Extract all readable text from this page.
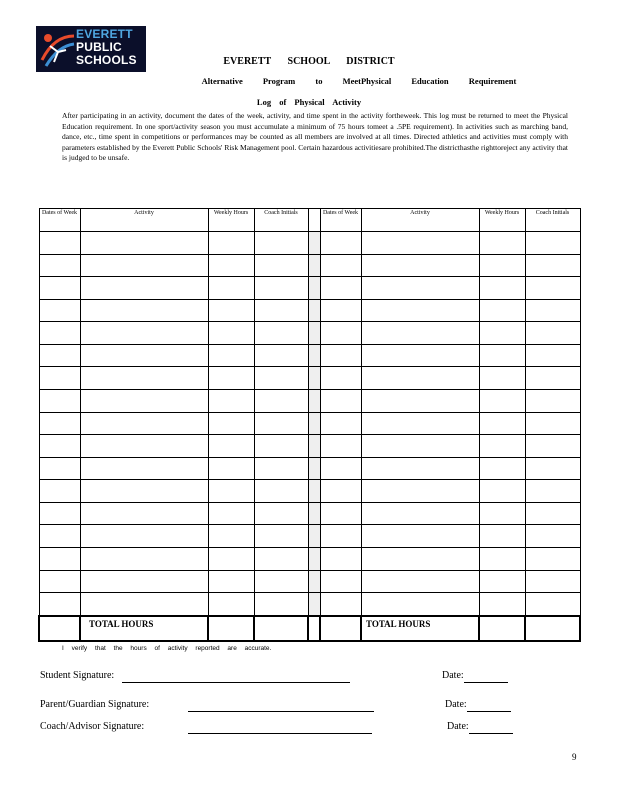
EVERETT
PUBLIC
SCHOOLS	EVERETT SCHOOL DISTRICT
Alternative Program to MeetPhysical Education Requirement
Log of Physical Activity
After participating in an activity, document the dates of the week, activity, and time spent in the activity fortheweek. This log must be returned to meet the Physical Education requirement. In one sport/activity season you must accumulate a minimum of 75 hours tomeet a .5PE requirement). In activities such as marching band, dance, etc., time spent in competitions or performances may be counted as all members are involved at all times. Directed athletics and activities must comply with parameters established by the Everett Public Schools' Risk Management pool. Certain hazardous activitiesare prohibited.The districthasthe righttoreject any activity that is judged to be unsafe.
Dates of Week	Activity	Weekly Hours	Coach Initials		Dates of Week	Activity	Weekly Hours	Coach Initials

	TOTAL HOURS					TOTAL HOURS		
I verify that the hours of activity reported are accurate.
Student Signature:	Date:
Parent/Guardian Signature:	Date:
Coach/Advisor Signature:	Date:
9
